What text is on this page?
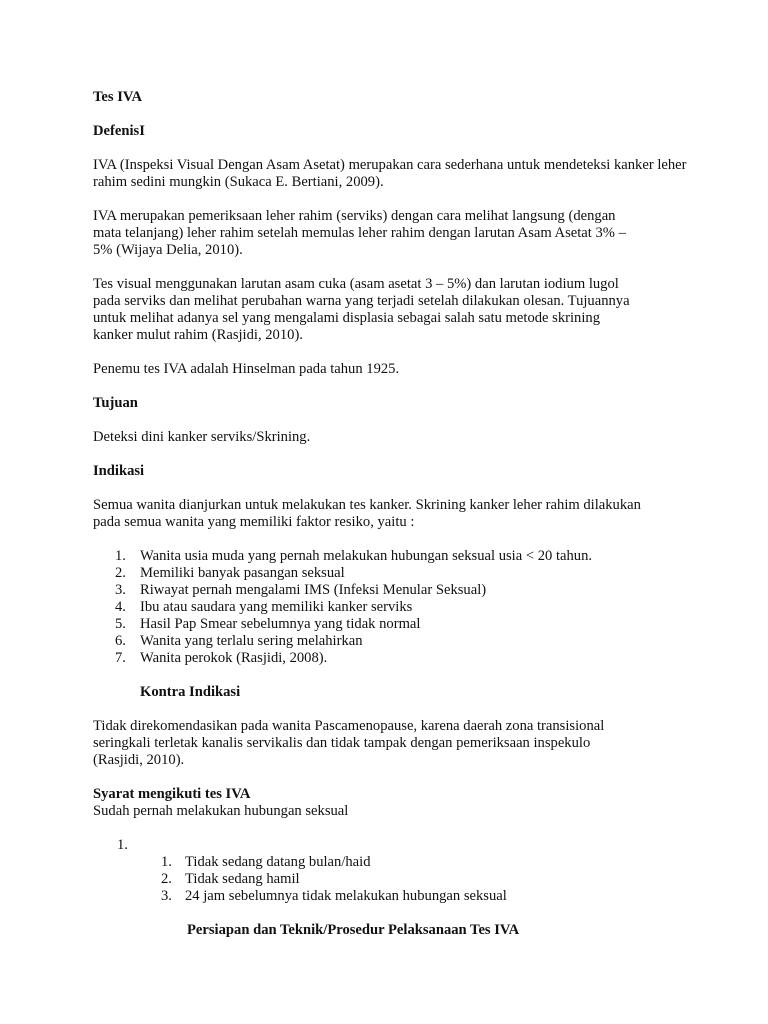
Tes IVA

DefenisI

IVA (Inspeksi Visual Dengan Asam Asetat) merupakan cara sederhana untuk mendeteksi kanker leher rahim sedini mungkin (Sukaca E. Bertiani, 2009).

IVA merupakan pemeriksaan leher rahim (serviks) dengan cara melihat langsung (dengan

mata telanjang) leher rahim setelah memulas leher rahim dengan larutan Asam Asetat 3% –

5% (Wijaya Delia, 2010).

Tes visual menggunakan larutan asam cuka (asam asetat 3 – 5%) dan larutan iodium lugol

pada serviks dan melihat perubahan warna yang terjadi setelah dilakukan olesan. Tujuannya

untuk melihat adanya sel yang mengalami displasia sebagai salah satu metode skrining

kanker mulut rahim (Rasjidi, 2010).

Penemu tes IVA adalah Hinselman pada tahun 1925.

Tujuan

Deteksi dini kanker serviks/Skrining.

Indikasi

Semua wanita dianjurkan untuk melakukan tes kanker. Skrining kanker leher rahim dilakukan

pada semua wanita yang memiliki faktor resiko, yaitu :

1. Wanita usia muda yang pernah melakukan hubungan seksual usia < 20 tahun.
2. Memiliki banyak pasangan seksual
3. Riwayat pernah mengalami IMS (Infeksi Menular Seksual)
4. Ibu atau saudara yang memiliki kanker serviks
5. Hasil Pap Smear sebelumnya yang tidak normal
6. Wanita yang terlalu sering melahirkan
7. Wanita perokok (Rasjidi, 2008).

Kontra Indikasi

Tidak direkomendasikan pada wanita Pascamenopause, karena daerah zona transisional

seringkali terletak kanalis servikalis dan tidak tampak dengan pemeriksaan inspekulo

(Rasjidi, 2010).

Syarat mengikuti tes IVA

Sudah pernah melakukan hubungan seksual

1.

1. Tidak sedang datang bulan/haid
2. Tidak sedang hamil
3. 24 jam sebelumnya tidak melakukan hubungan seksual

Persiapan dan Teknik/Prosedur Pelaksanaan Tes IVA
